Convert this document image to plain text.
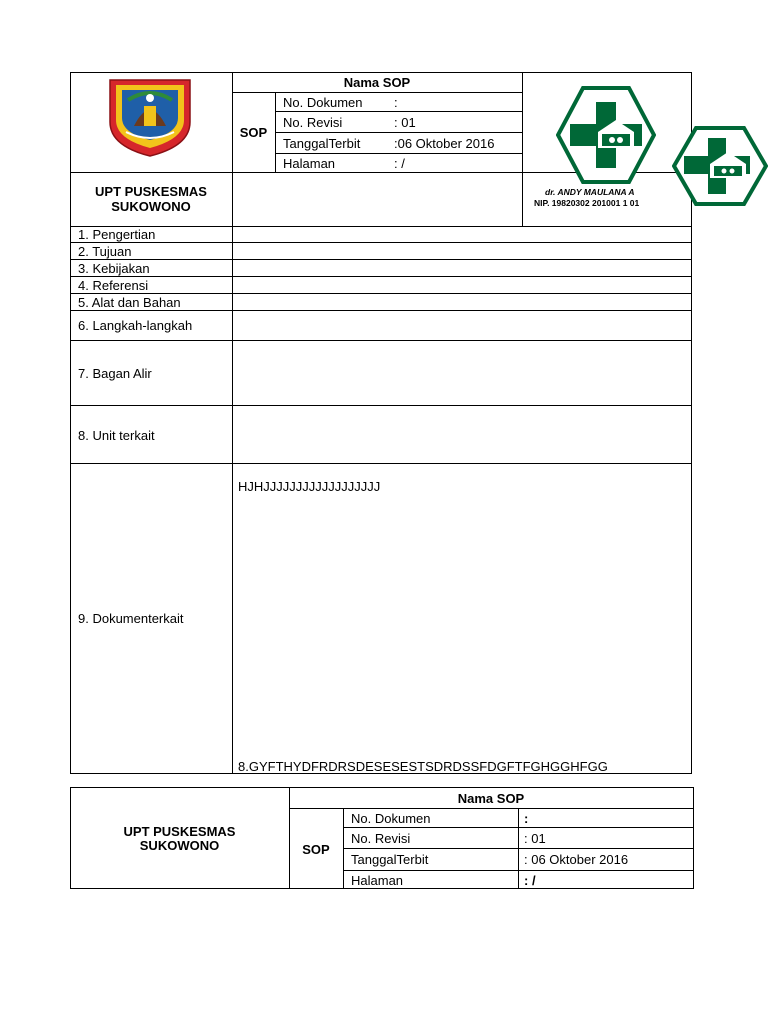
Nama SOP
SOP
No. Dokumen :
No. Revisi	: 01
TanggalTerbit	:06 Oktober 2016
Halaman	: /
UPT PUSKESMAS
SUKOWONO
dr. ANDY MAULANA A
NIP. 19820302 201001 1 01
1. Pengertian
2. Tujuan
3. Kebijakan
4. Referensi
5. Alat dan Bahan
6. Langkah-langkah
7. Bagan Alir
8. Unit terkait
9. Dokumenterkait
HJHJJJJJJJJJJJJJJJJJJ
8.GYFTHYDFRDRSDESESESTSDRDSSFDGFTFGHGGHFGG
Nama SOP
SOP
UPT PUSKESMAS
SUKOWONO
No. Dokumen	:
No. Revisi	: 01
TanggalTerbit	: 06 Oktober 2016
Halaman	: /
